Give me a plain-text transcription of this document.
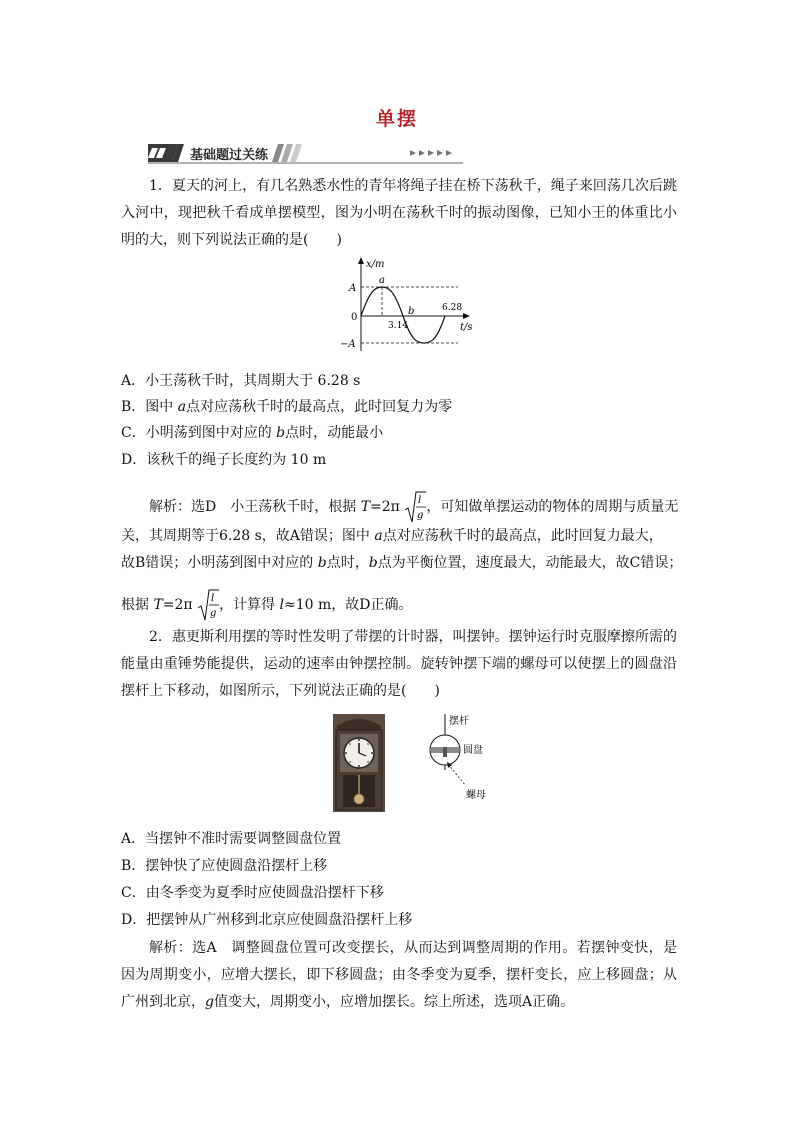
单摆
基础题过关练

1．夏天的河上，有几名熟悉水性的青年将绳子挂在桥下荡秋千，绳子来回荡几次后跳入河中，现把秋千看成单摆模型，图为小明在荡秋千时的振动图像，已知小王的体重比小明的大，则下列说法正确的是(　　)

x/m
t/s
0
A
−A
a
b
3.14
6.28
A．小王荡秋千时，其周期大于 6.28 s
B．图中 a点对应荡秋千时的最高点，此时回复力为零
C．小明荡到图中对应的 b点时，动能最小
D．该秋千的绳子长度约为 10 m
解析：选D　小王荡秋千时，根据 T=2π l
g
，可知做单摆运动的物体的周期与质量无
关，其周期等于6.28 s，故A错误；图中 a点对应荡秋千时的最高点，此时回复力最大，
故B错误；小明荡到图中对应的 b点时，b点为平衡位置，速度最大，动能最大，故C错误；
根据 T=2π l
g
，计算得 l≈10 m，故D正确。

2．惠更斯利用摆的等时性发明了带摆的计时器，叫摆钟。摆钟运行时克服摩擦所需的能量由重锤势能提供，运动的速率由钟摆控制。旋转钟摆下端的螺母可以使摆上的圆盘沿摆杆上下移动，如图所示，下列说法正确的是(　　)

摆杆
圆盘
螺母
A．当摆钟不准时需要调整圆盘位置
B．摆钟快了应使圆盘沿摆杆上移
C．由冬季变为夏季时应使圆盘沿摆杆下移
D．把摆钟从广州移到北京应使圆盘沿摆杆上移

解析：选A　调整圆盘位置可改变摆长，从而达到调整周期的作用。若摆钟变快，是因为周期变小，应增大摆长，即下移圆盘；由冬季变为夏季，摆杆变长，应上移圆盘；从广州到北京，g值变大，周期变小，应增加摆长。综上所述，选项A正确。
